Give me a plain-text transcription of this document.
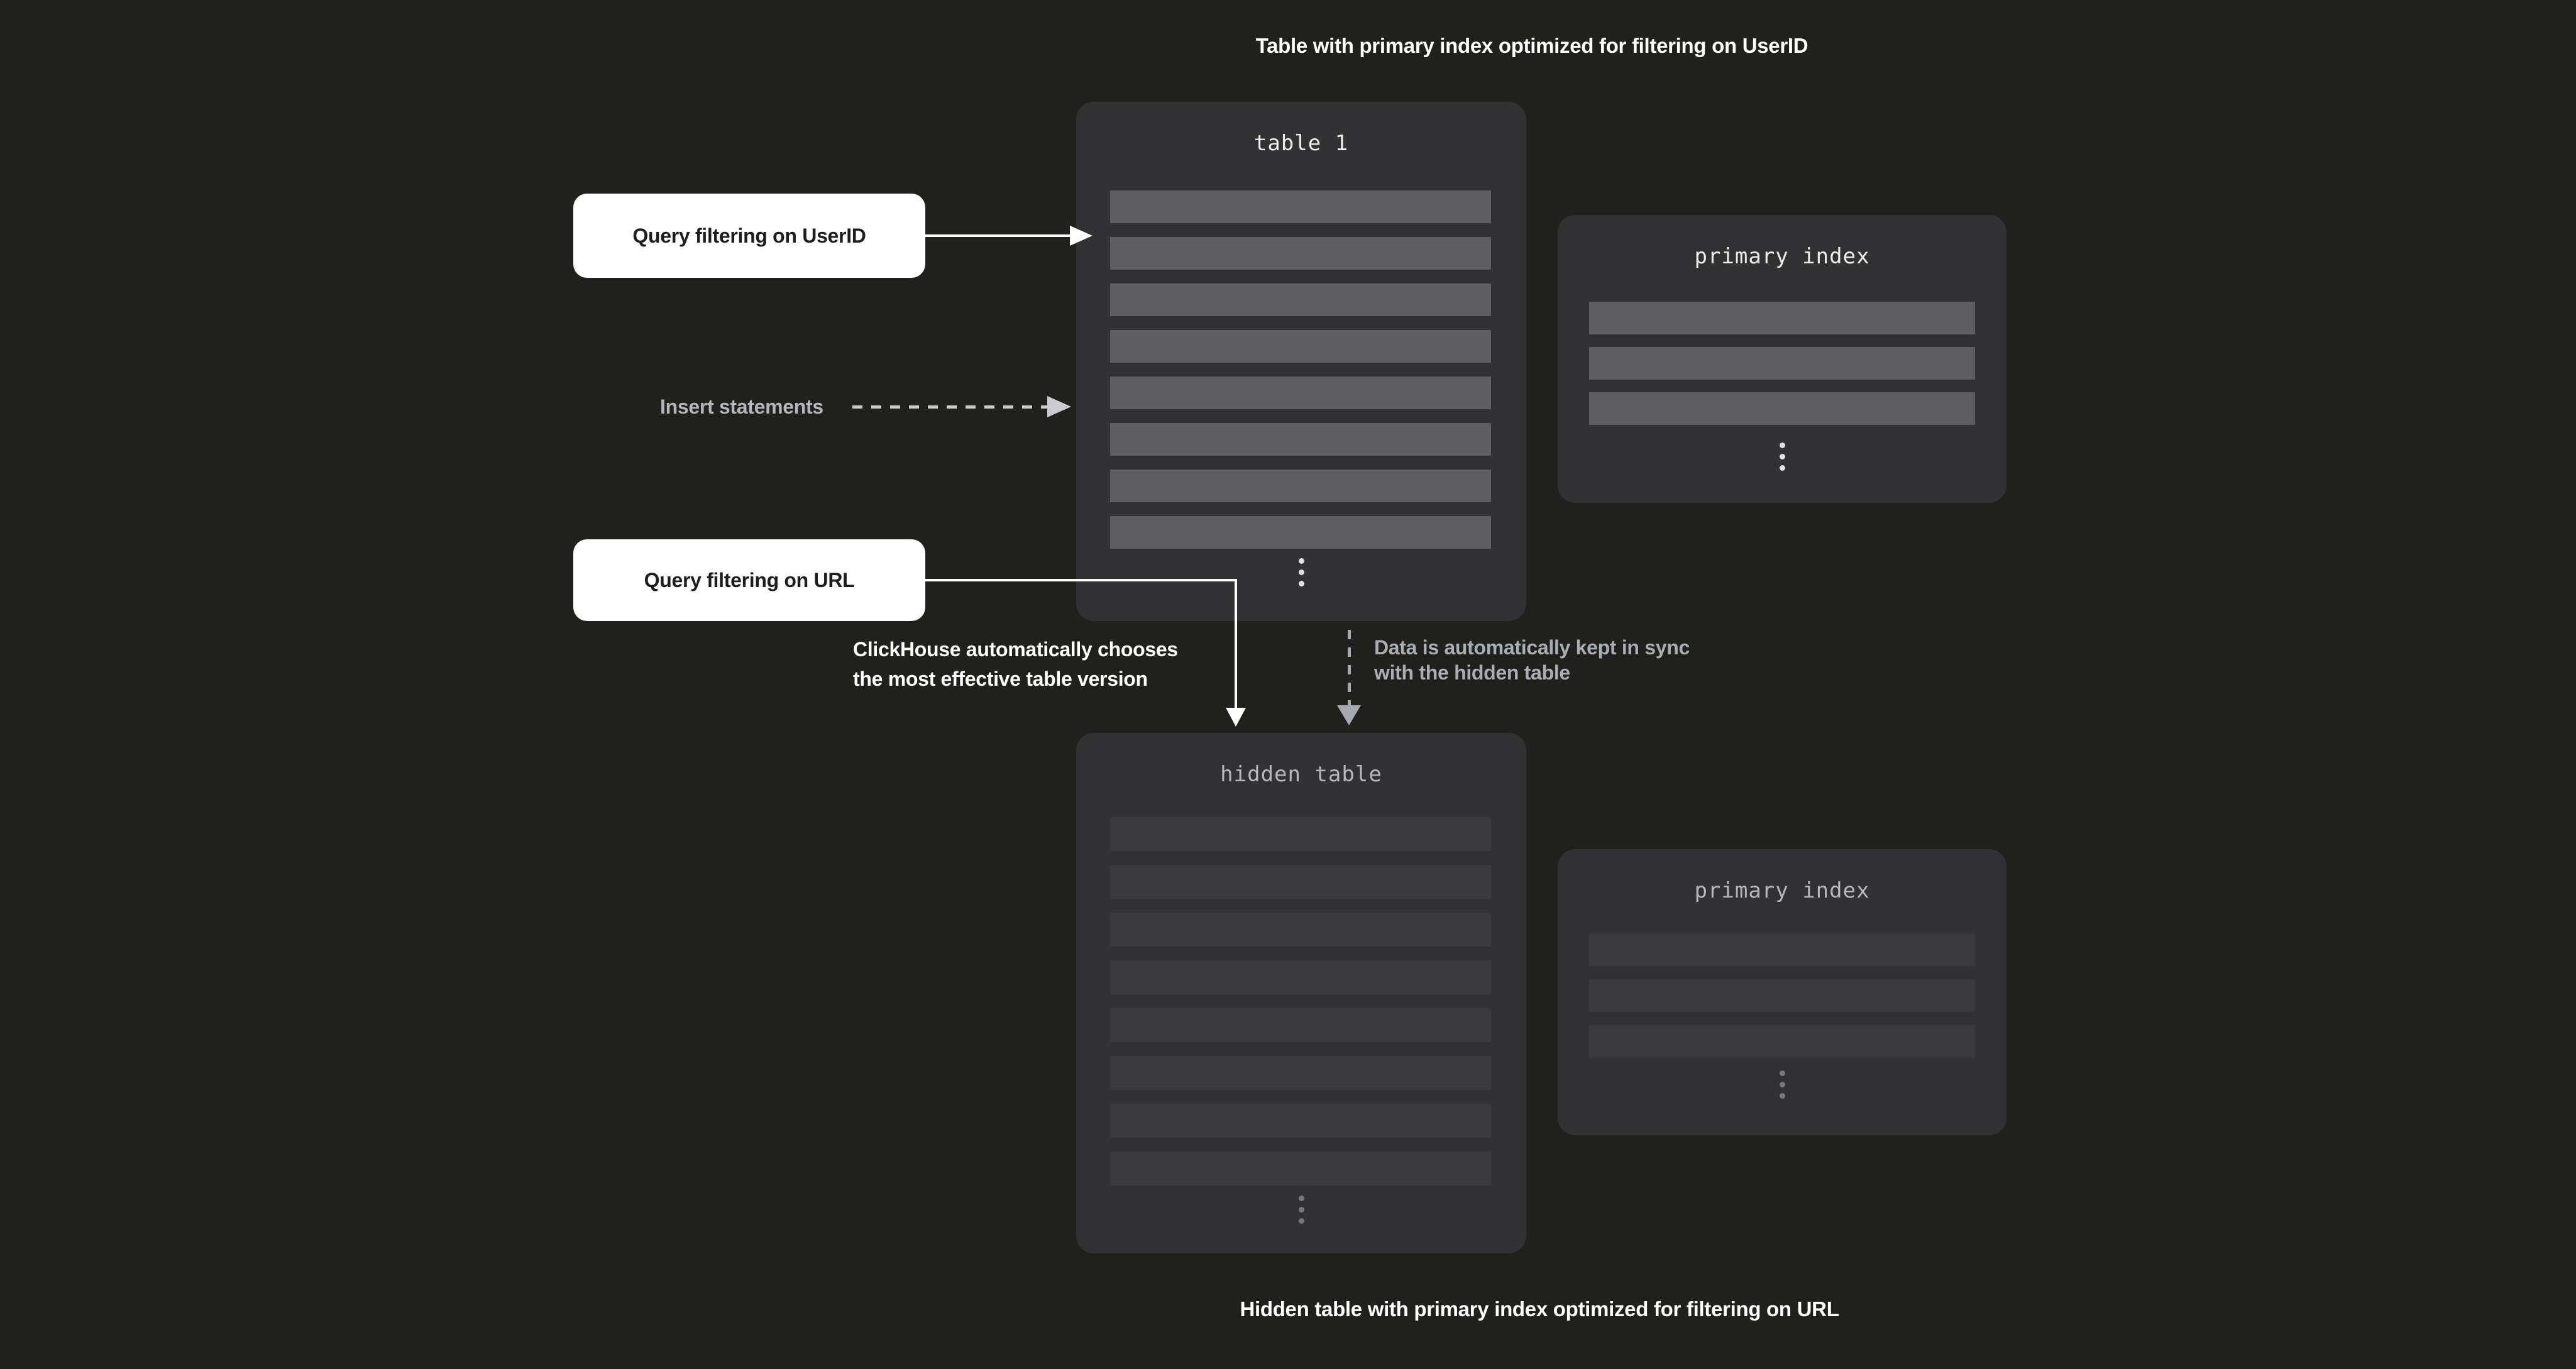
Table with primary index optimized for filtering on UserID
table 1
primary index
hidden table
primary index
Query filtering on UserID
Insert statements
Query filtering on URL
ClickHouse automatically chooses
the most effective table version
Data is automatically kept in sync
with the hidden table
Hidden table with primary index optimized for filtering on URL
